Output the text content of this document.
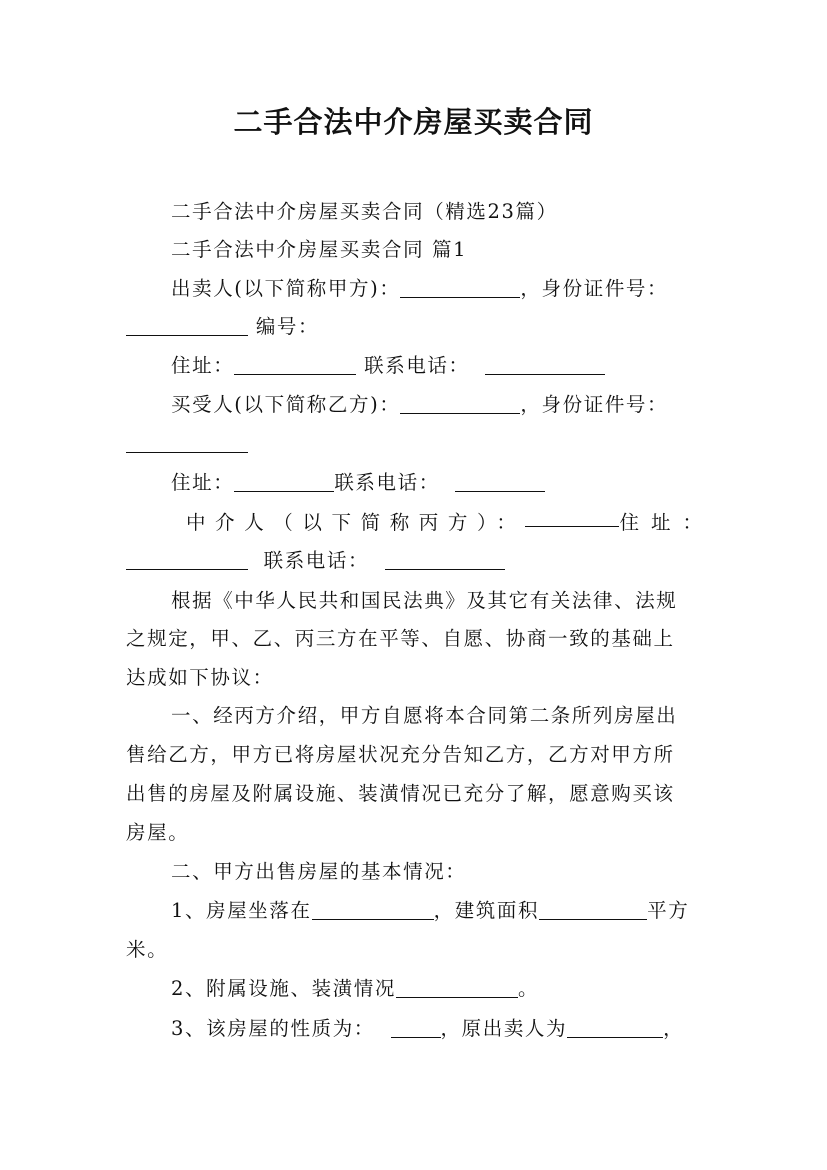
二手合法中介房屋买卖合同
二手合法中介房屋买卖合同（精选23篇）
二手合法中介房屋买卖合同 篇1
出卖人(以下简称甲方)：	，身份证件号：
编号：
住址：	联系电话：
买受人(以下简称乙方)：	，身份证件号：
住址：	联系电话：
中介人（以下简称丙方）：	住址：
联系电话：
根据《中华人民共和国民法典》及其它有关法律、法规
之规定，甲、乙、丙三方在平等、自愿、协商一致的基础上
达成如下协议：
一、经丙方介绍，甲方自愿将本合同第二条所列房屋出
售给乙方，甲方已将房屋状况充分告知乙方，乙方对甲方所
出售的房屋及附属设施、装潢情况已充分了解，愿意购买该
房屋。
二、甲方出售房屋的基本情况：
1、房屋坐落在	，建筑面积	平方
米。
2、附属设施、装潢情况	。
3、该房屋的性质为：	，原出卖人为	，
